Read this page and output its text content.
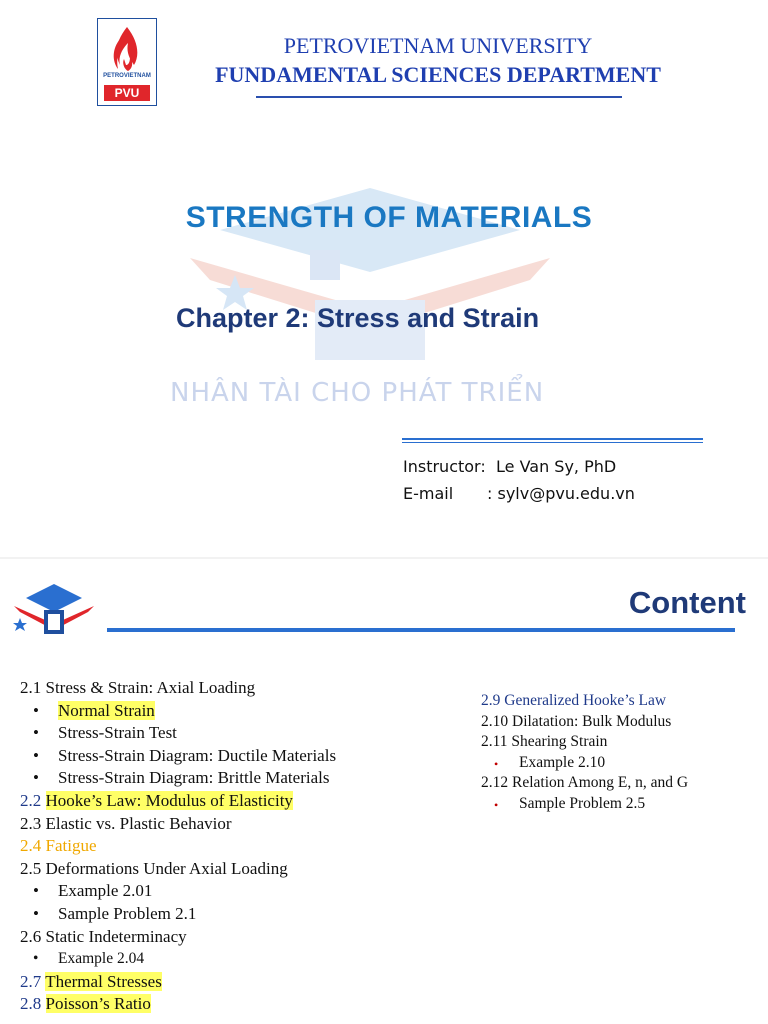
PETROVIETNAM
PVU
PETROVIETNAM UNIVERSITY
FUNDAMENTAL SCIENCES DEPARTMENT
NHÂN TÀI CHO PHÁT TRIỂN
STRENGTH OF MATERIALS
Chapter 2: Stress and Strain
Instructor: Le Van Sy, PhD
E-mail : sylv@pvu.edu.vn
Content
2.1 Stress & Strain: Axial Loading
• Normal Strain
• Stress-Strain Test
• Stress-Strain Diagram: Ductile Materials
• Stress-Strain Diagram: Brittle Materials
2.2 Hooke’s Law: Modulus of Elasticity
2.3 Elastic vs. Plastic Behavior
2.4 Fatigue
2.5 Deformations Under Axial Loading
• Example 2.01
• Sample Problem 2.1
2.6 Static Indeterminacy
• Example 2.04
2.7 Thermal Stresses
2.8 Poisson’s Ratio
2.9 Generalized Hooke’s Law
2.10 Dilatation: Bulk Modulus
2.11 Shearing Strain
• Example 2.10
2.12 Relation Among E, n, and G
• Sample Problem 2.5
